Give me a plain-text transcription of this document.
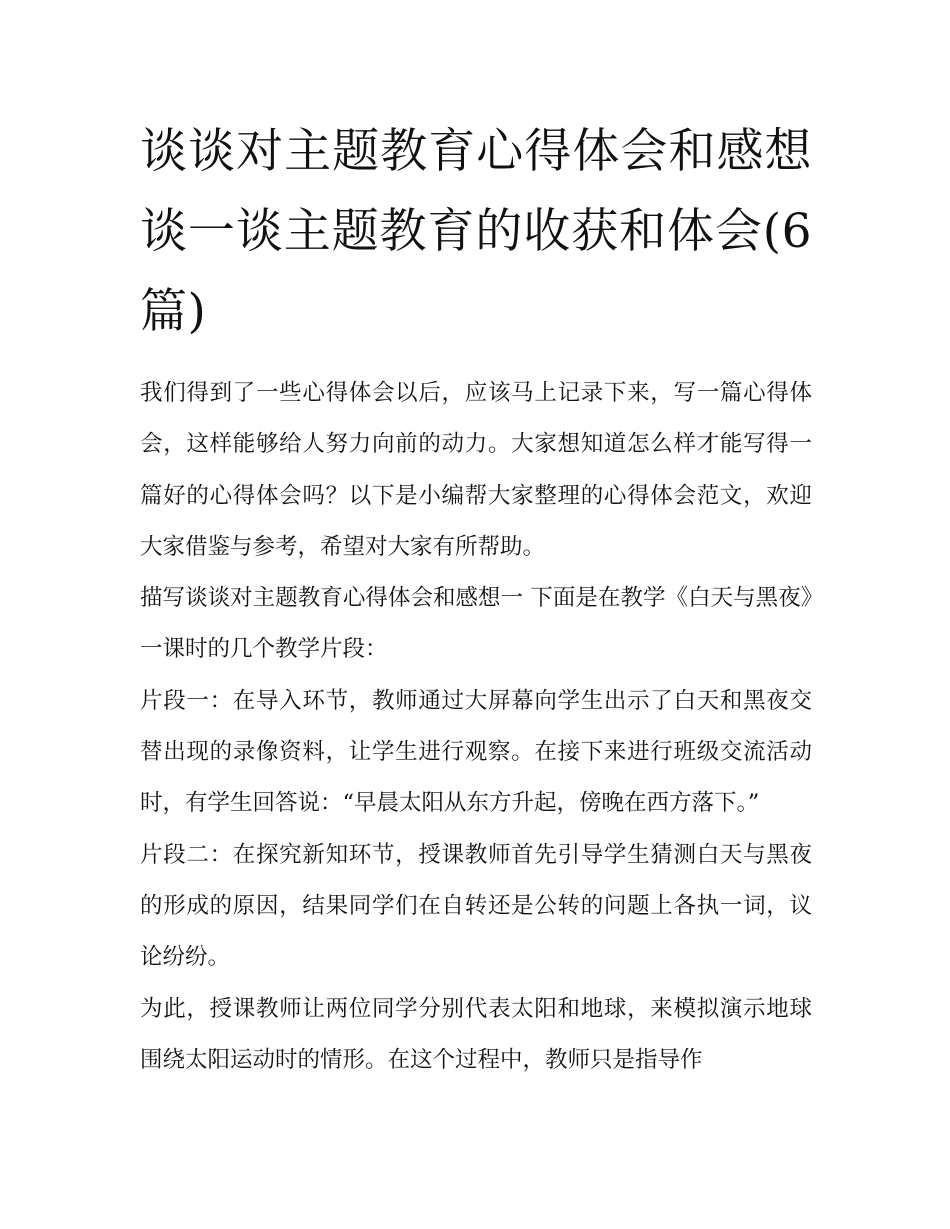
谈谈对主题教育心得体会和感想 谈一谈主题教育的收获和体会(6篇)

我们得到了一些心得体会以后，应该马上记录下来，写一篇心得体会，这样能够给人努力向前的动力。大家想知道怎么样才能写得一篇好的心得体会吗？以下是小编帮大家整理的心得体会范文，欢迎大家借鉴与参考，希望对大家有所帮助。

描写谈谈对主题教育心得体会和感想一 下面是在教学《白天与黑夜》一课时的几个教学片段：

片段一：在导入环节，教师通过大屏幕向学生出示了白天和黑夜交替出现的录像资料，让学生进行观察。在接下来进行班级交流活动时，有学生回答说：“早晨太阳从东方升起，傍晚在西方落下。”

片段二：在探究新知环节，授课教师首先引导学生猜测白天与黑夜的形成的原因，结果同学们在自转还是公转的问题上各执一词，议论纷纷。

为此，授课教师让两位同学分别代表太阳和地球，来模拟演示地球围绕太阳运动时的情形。在这个过程中，教师只是指导作
